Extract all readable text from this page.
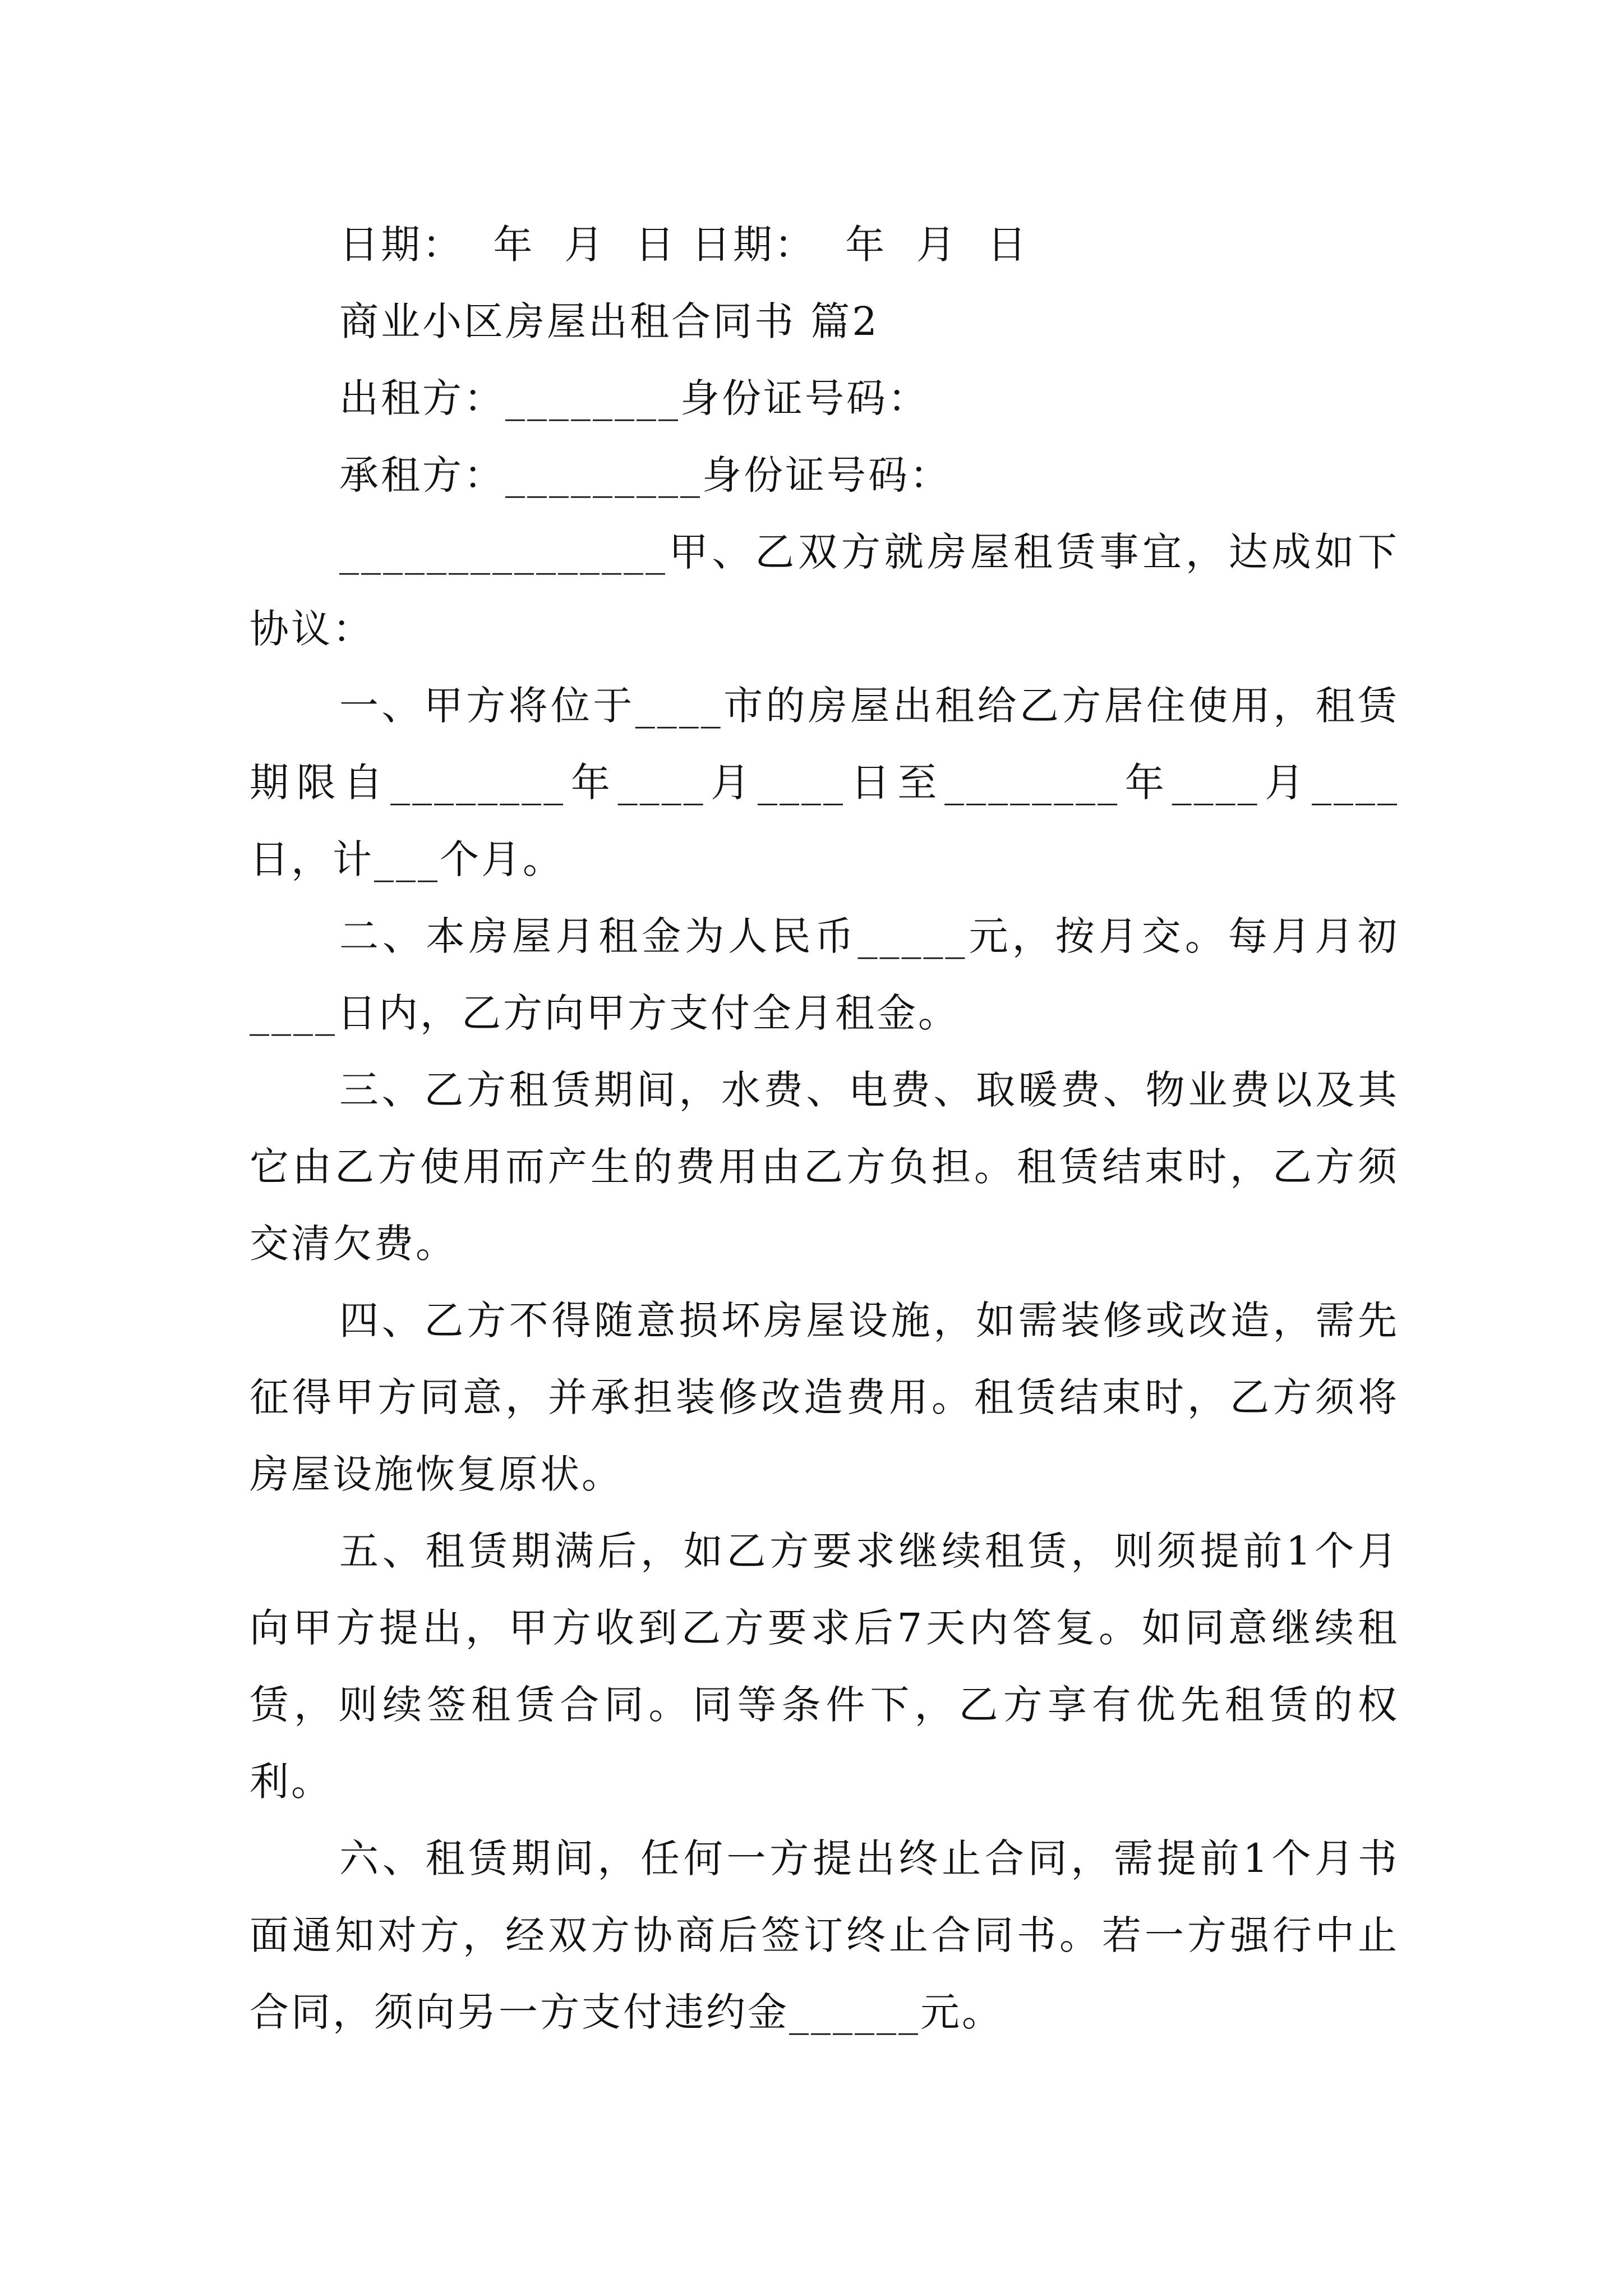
日期：  年  月  日 日期：  年  月  日
商业小区房屋出租合同书 篇2
出租方：________身份证号码：
承租方：_________身份证号码：

_______________甲、乙双方就房屋租赁事宜，达成如下协议：

一、甲方将位于____市的房屋出租给乙方居住使用，租赁期限自________年____月____日至________年____月____日，计___个月。

二、本房屋月租金为人民币_____元，按月交。每月月初____日内，乙方向甲方支付全月租金。

三、乙方租赁期间，水费、电费、取暖费、物业费以及其它由乙方使用而产生的费用由乙方负担。租赁结束时，乙方须交清欠费。

四、乙方不得随意损坏房屋设施，如需装修或改造，需先征得甲方同意，并承担装修改造费用。租赁结束时，乙方须将房屋设施恢复原状。

五、租赁期满后，如乙方要求继续租赁，则须提前1个月向甲方提出，甲方收到乙方要求后7天内答复。如同意继续租赁，则续签租赁合同。同等条件下，乙方享有优先租赁的权利。

六、租赁期间，任何一方提出终止合同，需提前1个月书面通知对方，经双方协商后签订终止合同书。若一方强行中止合同，须向另一方支付违约金______元。
